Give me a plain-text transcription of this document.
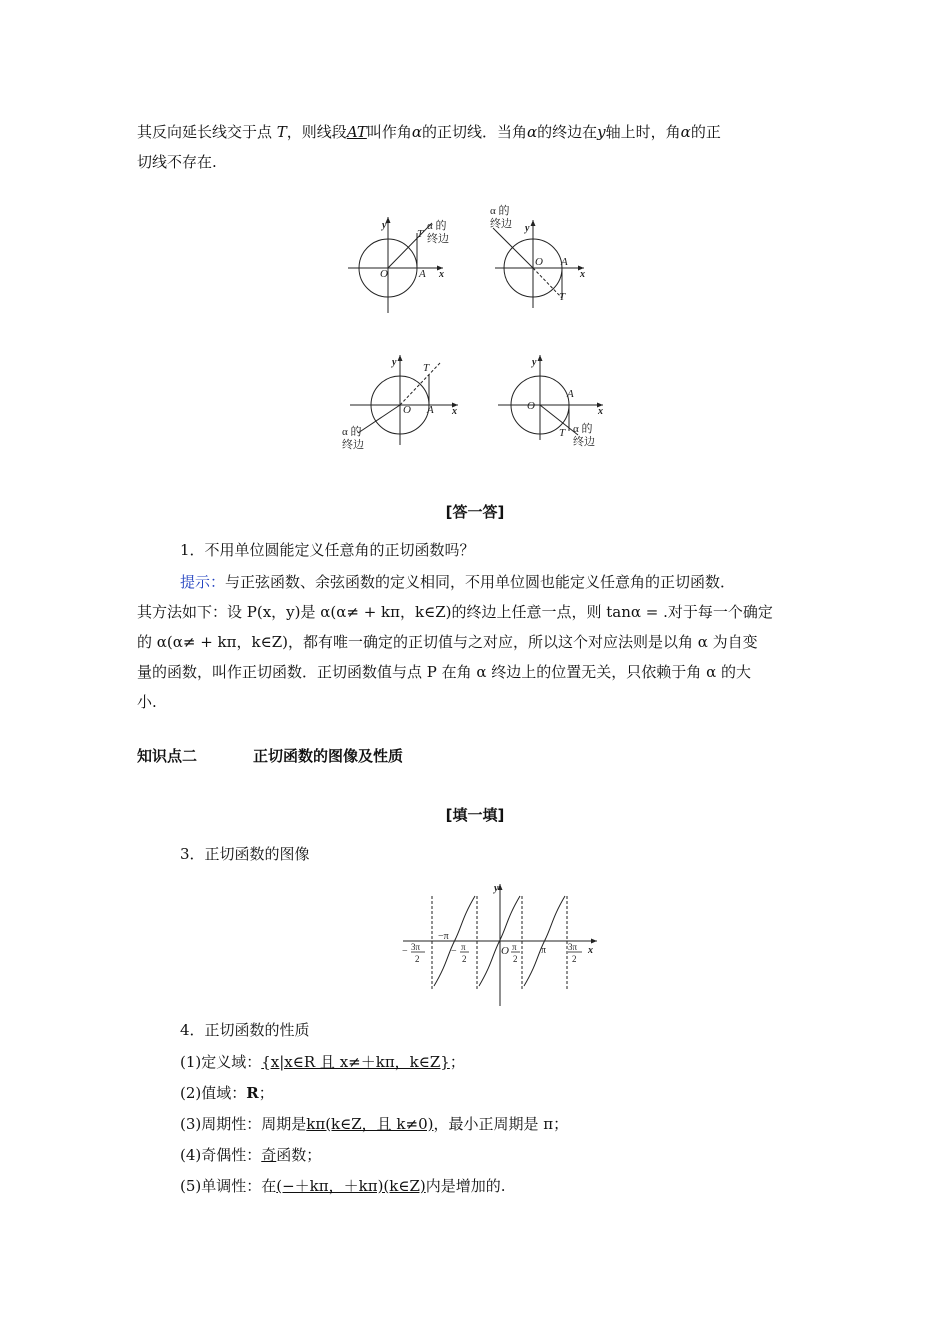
其反向延长线交于点 T，则线段AT叫作角α的正切线．当角α的终边在y轴上时，角α的正
切线不存在.
y
x
O	A
T
α 的
终边
y
x
O A
T
α 的
终边
y
x
O A
T
α 的
终边
y
x
O
A
T α 的
终边
[答一答]
1．不用单位圆能定义任意角的正切函数吗？
提示：与正弦函数、余弦函数的定义相同，不用单位圆也能定义任意角的正切函数．
其方法如下：设 P(x，y)是 α(α≠ + kπ，k∈Z)的终边上任意一点，则 tanα = .对于每一个确定
的 α(α≠ + kπ，k∈Z)，都有唯一确定的正切值与之对应，所以这个对应法则是以角 α 为自变
量的函数，叫作正切函数．正切函数值与点 P 在角 α 终边上的位置无关，只依赖于角 α 的大
小.
知识点二	正切函数的图像及性质
[填一填]
3．正切函数的图像
y
x
O
−π
π
− 3π
2
− π
2
π
2
3π
2
4．正切函数的性质
(1)定义域：{x|x∈R 且 x≠＋kπ，k∈Z}；
(2)值域：R；
(3)周期性：周期是kπ(k∈Z，且 k≠0)，最小正周期是 π；
(4)奇偶性：奇函数；
(5)单调性：在(−＋kπ，＋kπ)(k∈Z)内是增加的.
